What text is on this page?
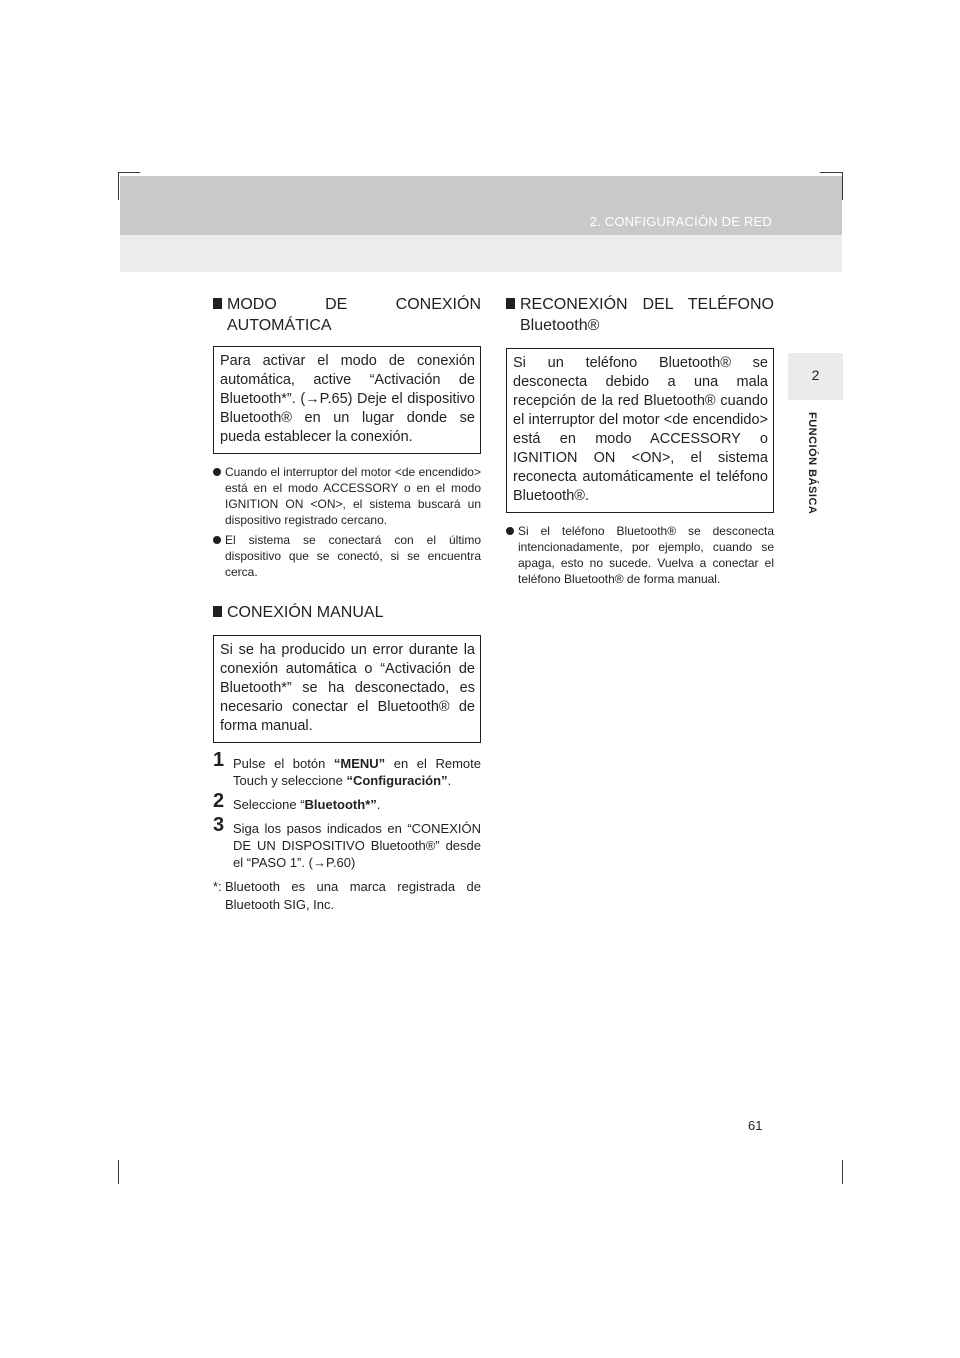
2. CONFIGURACIÓN DE RED
2
FUNCIÓN BÁSICA
MODO DE CONEXIÓN AUTOMÁTICA
Para activar el modo de conexión automática, active “Activación de Bluetooth*”. (→P.65) Deje el dispositivo Bluetooth® en un lugar donde se pueda establecer la conexión.
Cuando el interruptor del motor <de encendido> está en el modo ACCESSORY o en el modo IGNITION ON <ON>, el sistema buscará un dispositivo registrado cercano.
El sistema se conectará con el último dispositivo que se conectó, si se encuentra cerca.
CONEXIÓN MANUAL
Si se ha producido un error durante la conexión automática o “Activación de Bluetooth*” se ha desconectado, es necesario conectar el Bluetooth® de forma manual.
1 Pulse el botón “MENU” en el Remote Touch y seleccione “Configuración”.
2 Seleccione “Bluetooth*”.
3 Siga los pasos indicados en “CONEXIÓN DE UN DISPOSITIVO Bluetooth®” desde el “PASO 1”. (→P.60)
*: Bluetooth es una marca registrada de Bluetooth SIG, Inc.
RECONEXIÓN DEL TELÉFONO Bluetooth®
Si un teléfono Bluetooth® se desconecta debido a una mala recepción de la red Bluetooth® cuando el interruptor del motor <de encendido> está en modo ACCESSORY o IGNITION ON <ON>, el sistema reconecta automáticamente el teléfono Bluetooth®.
Si el teléfono Bluetooth® se desconecta intencionadamente, por ejemplo, cuando se apaga, esto no sucede. Vuelva a conectar el teléfono Bluetooth® de forma manual.
61
